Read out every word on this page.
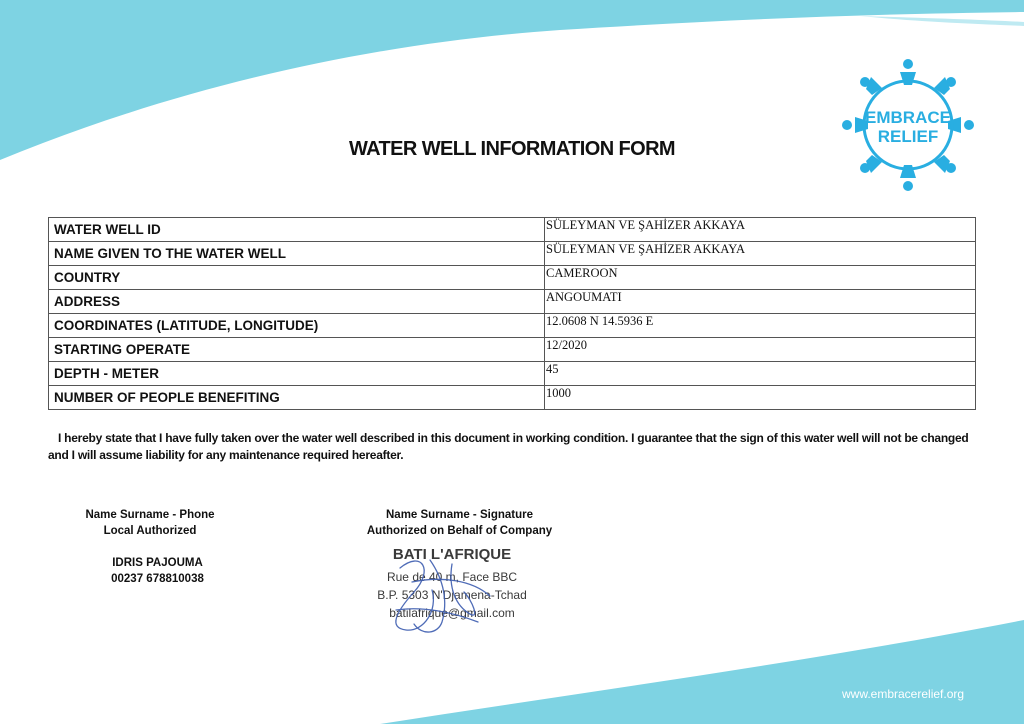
EMBRACE
RELIEF
WATER WELL INFORMATION FORM
WATER WELL ID	SÜLEYMAN VE ŞAHİZER AKKAYA
NAME GIVEN TO THE WATER WELL	SÜLEYMAN VE ŞAHİZER AKKAYA
COUNTRY	CAMEROON
ADDRESS	ANGOUMATI
COORDINATES (LATITUDE, LONGITUDE)	12.0608 N 14.5936 E
STARTING OPERATE	12/2020
DEPTH - METER	45
NUMBER OF PEOPLE BENEFITING	1000
I hereby state that I have fully taken over the water well described in this document in working condition. I guarantee that the sign of this water well will not be changed and I will assume liability for any maintenance required hereafter.
Name Surname - Phone
Local Authorized
IDRIS PAJOUMA
00237 678810038
Name Surname - Signature
Authorized on Behalf of Company
BATI L'AFRIQUE
Rue de 40 m, Face BBC
B.P. 5303 N'Djamena-Tchad
batilafrique@gmail.com
www.embracerelief.org
